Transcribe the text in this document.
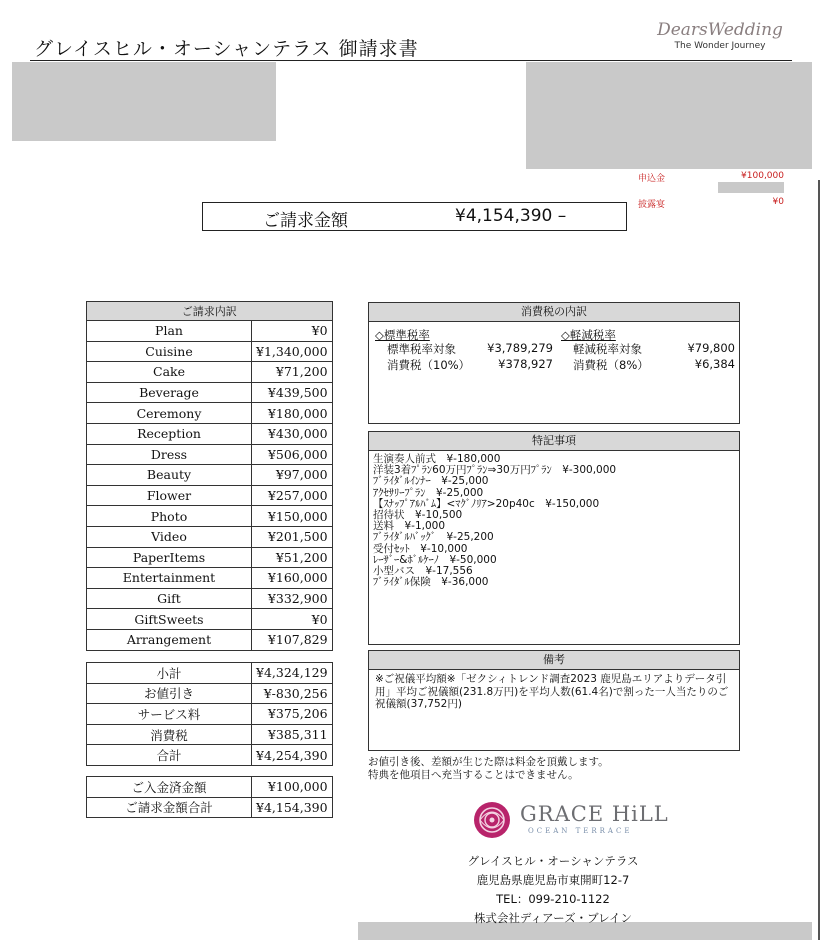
グレイスヒル・オーシャンテラス 御請求書
DearsWedding
The Wonder Journey
申込金	¥100,000
披露宴	¥0
ご請求金額	¥4,154,390 –
ご請求内訳	
Plan	¥0
Cuisine	¥1,340,000
Cake	¥71,200
Beverage	¥439,500
Ceremony	¥180,000
Reception	¥430,000
Dress	¥506,000
Beauty	¥97,000
Flower	¥257,000
Photo	¥150,000
Video	¥201,500
PaperItems	¥51,200
Entertainment	¥160,000
Gift	¥332,900
GiftSweets	¥0
Arrangement	¥107,829
小計	¥4,324,129
お値引き	¥-830,256
サービス料	¥375,206
消費税	¥385,311
合計	¥4,254,390
ご入金済金額	¥100,000
ご請求金額合計	¥4,154,390
消費税の内訳
◇標準税率
標準税率対象	¥3,789,279
消費税（10%）	¥378,927
◇軽減税率
軽減税率対象	¥79,800
消費税（8%）	¥6,384
特記事項
生演奏人前式　¥-180,000
洋装3着ﾌﾟﾗﾝ60万円ﾌﾟﾗﾝ⇒30万円ﾌﾟﾗﾝ　¥-300,000
ﾌﾞﾗｲﾀﾞﾙｲﾝﾅｰ　¥-25,000
ｱｸｾｻﾘｰﾌﾟﾗﾝ　¥-25,000
【ｽﾅｯﾌﾟｱﾙﾊﾞﾑ】<ﾏｸﾞﾉﾘｱ>20p40c　¥-150,000
招待状　¥-10,500
送料　¥-1,000
ﾌﾞﾗｲﾀﾞﾙﾊﾞｯｸﾞ　¥-25,200
受付ｾｯﾄ　¥-10,000
ﾚｰｻﾞｰ&ﾎﾞﾙｹｰﾉ　¥-50,000
小型バス　¥-17,556
ﾌﾞﾗｲﾀﾞﾙ保険　¥-36,000
備考
※ご祝儀平均額※「ゼクシィトレンド調査2023 鹿児島エリアよりデータ引用」平均ご祝儀額(231.8万円)を平均人数(61.4名)で割った一人当たりのご祝儀額(37,752円)
お値引き後、差額が生じた際は料金を頂戴します。
特典を他項目へ充当することはできません。
GRACE HiLL
OCEAN TERRACE
グレイスヒル・オーシャンテラス
鹿児島県鹿児島市東開町12-7
TEL：099-210-1122
株式会社ディアーズ・ブレイン
